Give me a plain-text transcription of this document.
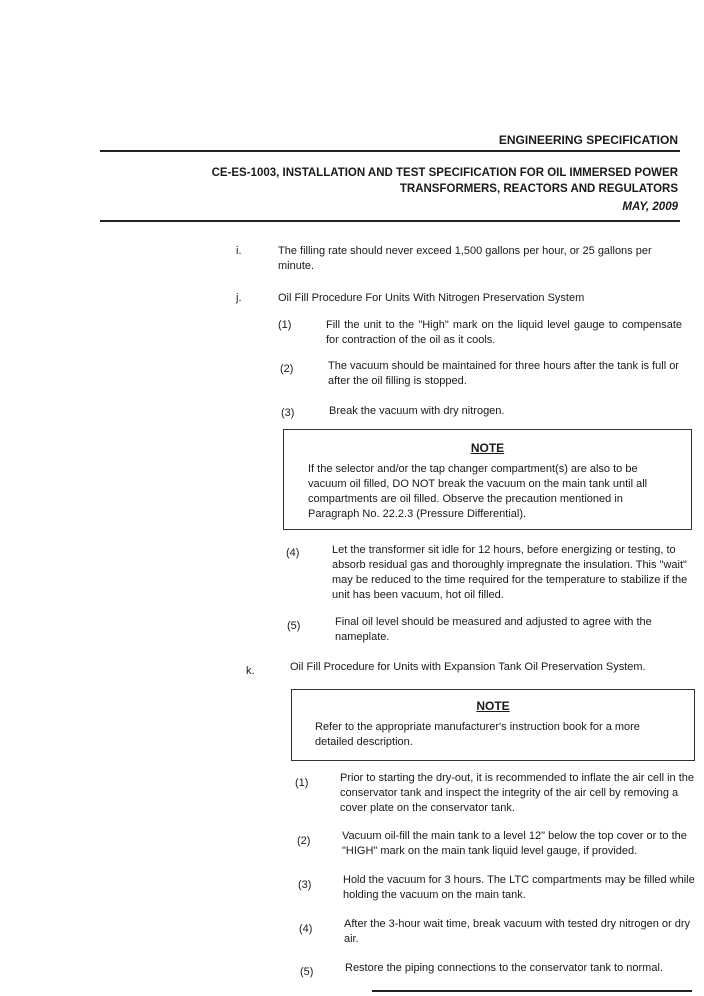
ENGINEERING SPECIFICATION
CE-ES-1003, INSTALLATION AND TEST SPECIFICATION FOR OIL IMMERSED POWER
TRANSFORMERS, REACTORS AND REGULATORS
MAY, 2009
i.	The filling rate should never exceed 1,500 gallons per hour, or 25 gallons per minute.
j.	Oil Fill Procedure For Units With Nitrogen Preservation System
(1)	Fill the unit to the "High" mark on the liquid level gauge to compensate for contraction of the oil as it cools.
(2)	The vacuum should be maintained for three hours after the tank is full or after the oil filling is stopped.
(3)	Break the vacuum with dry nitrogen.
NOTE
If the selector and/or the tap changer compartment(s) are also to be vacuum oil filled, DO NOT break the vacuum on the main tank until all compartments are oil filled. Observe the precaution mentioned in Paragraph No. 22.2.3 (Pressure Differential).
(4)	Let the transformer sit idle for 12 hours, before energizing or testing, to absorb residual gas and thoroughly impregnate the insulation. This "wait" may be reduced to the time required for the temperature to stabilize if the unit has been vacuum, hot oil filled.
(5)	Final oil level should be measured and adjusted to agree with the nameplate.
k.	Oil Fill Procedure for Units with Expansion Tank Oil Preservation System.
NOTE
Refer to the appropriate manufacturer's instruction book for a more detailed description.
(1)	Prior to starting the dry-out, it is recommended to inflate the air cell in the conservator tank and inspect the integrity of the air cell by removing a cover plate on the conservator tank.
(2)	Vacuum oil-fill the main tank to a level 12" below the top cover or to the "HIGH" mark on the main tank liquid level gauge, if provided.
(3)	Hold the vacuum for 3 hours. The LTC compartments may be filled while holding the vacuum on the main tank.
(4)	After the 3-hour wait time, break vacuum with tested dry nitrogen or dry air.
(5)	Restore the piping connections to the conservator tank to normal.
